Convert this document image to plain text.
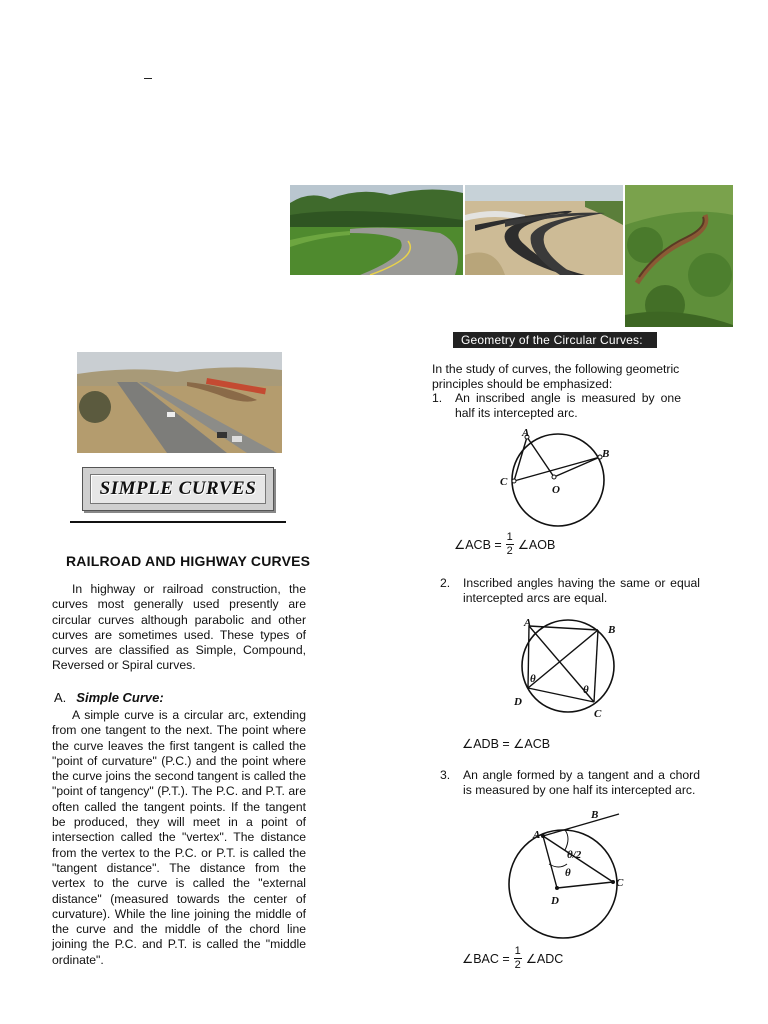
SIMPLE CURVES
RAILROAD AND HIGHWAY CURVES
In highway or railroad construction, the curves most generally used presently are circular curves although parabolic and other curves are sometimes used. These types of curves are classified as Simple, Compound, Reversed or Spiral curves.
A. Simple Curve:
A simple curve is a circular arc, extending from one tangent to the next. The point where the curve leaves the first tangent is called the "point of curvature" (P.C.) and the point where the curve joins the second tangent is called the "point of tangency" (P.T.). The P.C. and P.T. are often called the tangent points. If the tangent be produced, they will meet in a point of intersection called the "vertex". The distance from the vertex to the P.C. or P.T. is called the "tangent distance". The distance from the vertex to the curve is called the "external distance" (measured towards the center of curvature). While the line joining the middle of the curve and the middle of the chord line joining the P.C. and P.T. is called the "middle ordinate".
Geometry of the Circular Curves:
In the study of curves, the following geometric principles should be emphasized:
1. An inscribed angle is measured by one half its intercepted arc.
A
B
C
O
∠ACB = $\frac{1}{2}$ ∠AOB
2. Inscribed angles having the same or equal intercepted arcs are equal.
A
B
D
C
θ
θ
∠ADB = ∠ACB
3. An angle formed by a tangent and a chord is measured by one half its intercepted arc.
A
B
C
D
θ
θ/2
∠BAC = $\frac{1}{2}$ ∠ADC
